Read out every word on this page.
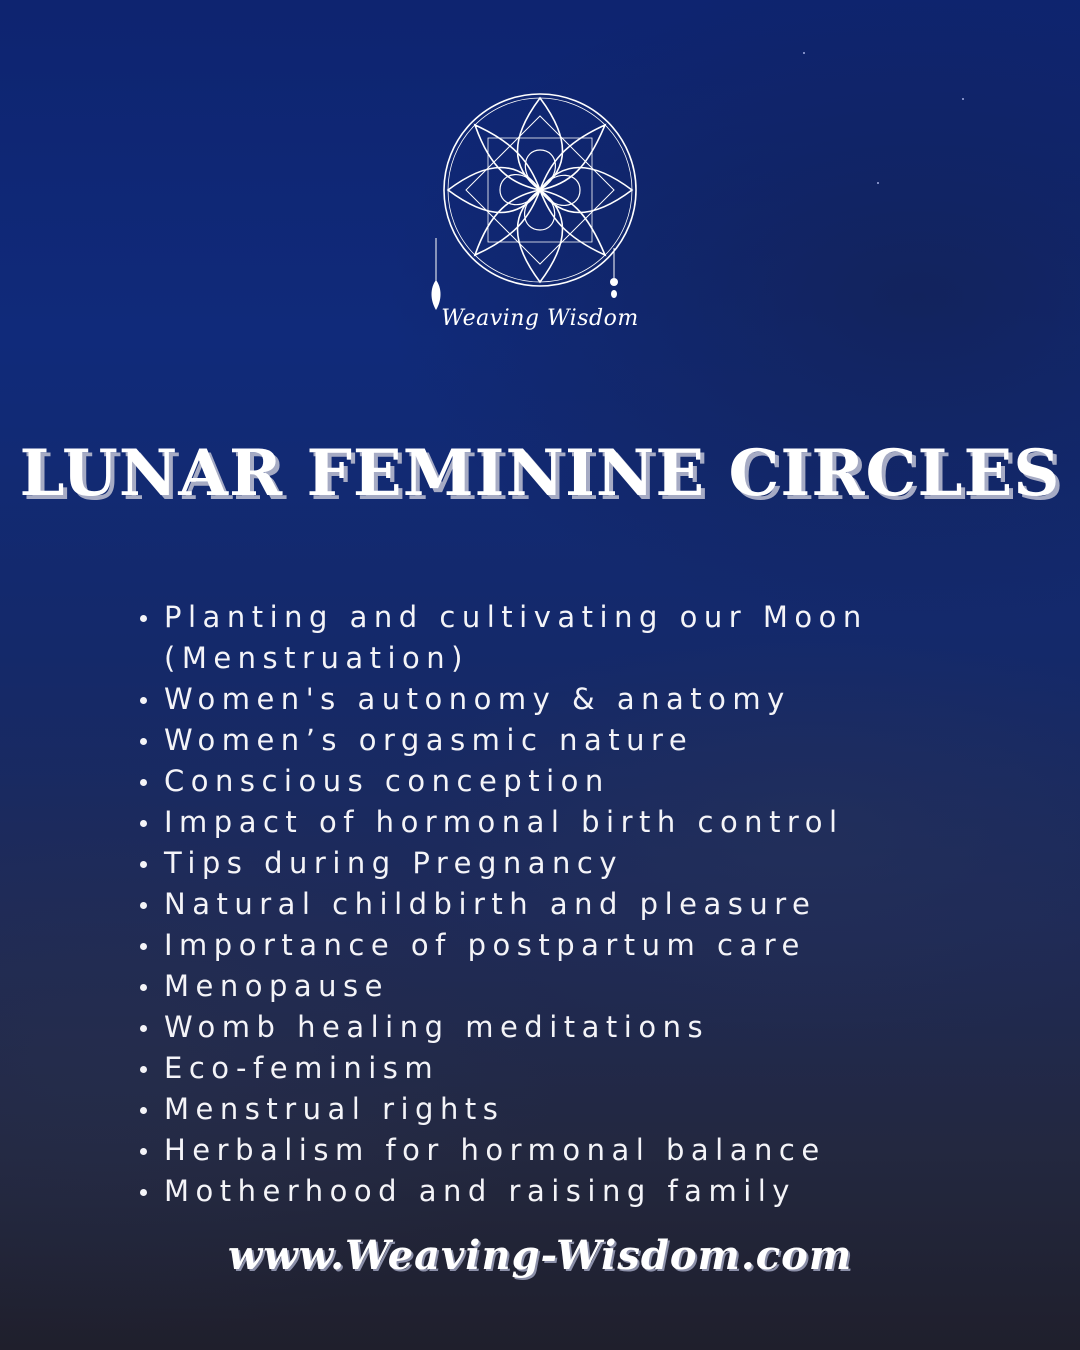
Weaving Wisdom
LUNAR FEMININE CIRCLES
Planting and cultivating our Moon
(Menstruation)
Women's autonomy & anatomy
Women’s orgasmic nature
Conscious conception
Impact of hormonal birth control
Tips during Pregnancy
Natural childbirth and pleasure
Importance of postpartum care
Menopause
Womb healing meditations
Eco-feminism
Menstrual rights
Herbalism for hormonal balance
Motherhood and raising family
www.Weaving-Wisdom.com
